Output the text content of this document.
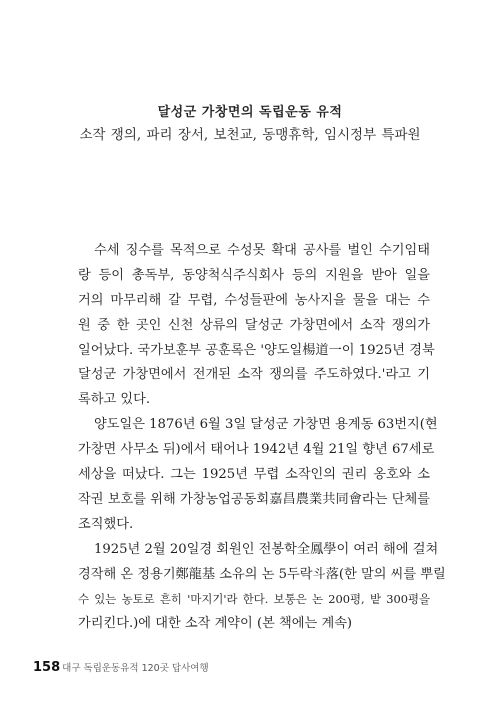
달성군 가창면의 독립운동 유적
소작 쟁의, 파리 장서, 보천교, 동맹휴학, 임시정부 특파원
수세 징수를 목적으로 수성못 확대 공사를 벌인 수기임태
랑 등이 총독부, 동양척식주식회사 등의 지원을 받아 일을
거의 마무리해 갈 무렵, 수성들판에 농사지을 물을 대는 수
원 중 한 곳인 신천 상류의 달성군 가창면에서 소작 쟁의가
일어났다. 국가보훈부 공훈록은 '양도일楊道一이 1925년 경북
달성군 가창면에서 전개된 소작 쟁의를 주도하였다.'라고 기
록하고 있다.
양도일은 1876년 6월 3일 달성군 가창면 용계동 63번지(현
가창면 사무소 뒤)에서 태어나 1942년 4월 21일 향년 67세로
세상을 떠났다. 그는 1925년 무렵 소작인의 권리 옹호와 소
작권 보호를 위해 가창농업공동회嘉昌農業共同會라는 단체를
조직했다.
1925년 2월 20일경 회원인 전봉학全鳳學이 여러 해에 걸쳐
경작해 온 정용기鄭龍基 소유의 논 5두락斗落(한 말의 씨를 뿌릴
수 있는 농토로 흔히 '마지기'라 한다. 보통은 논 200평, 밭 300평을
가리킨다.)에 대한 소작 계약이 (본 책에는 계속)
158 대구 독립운동유적 120곳 답사여행
